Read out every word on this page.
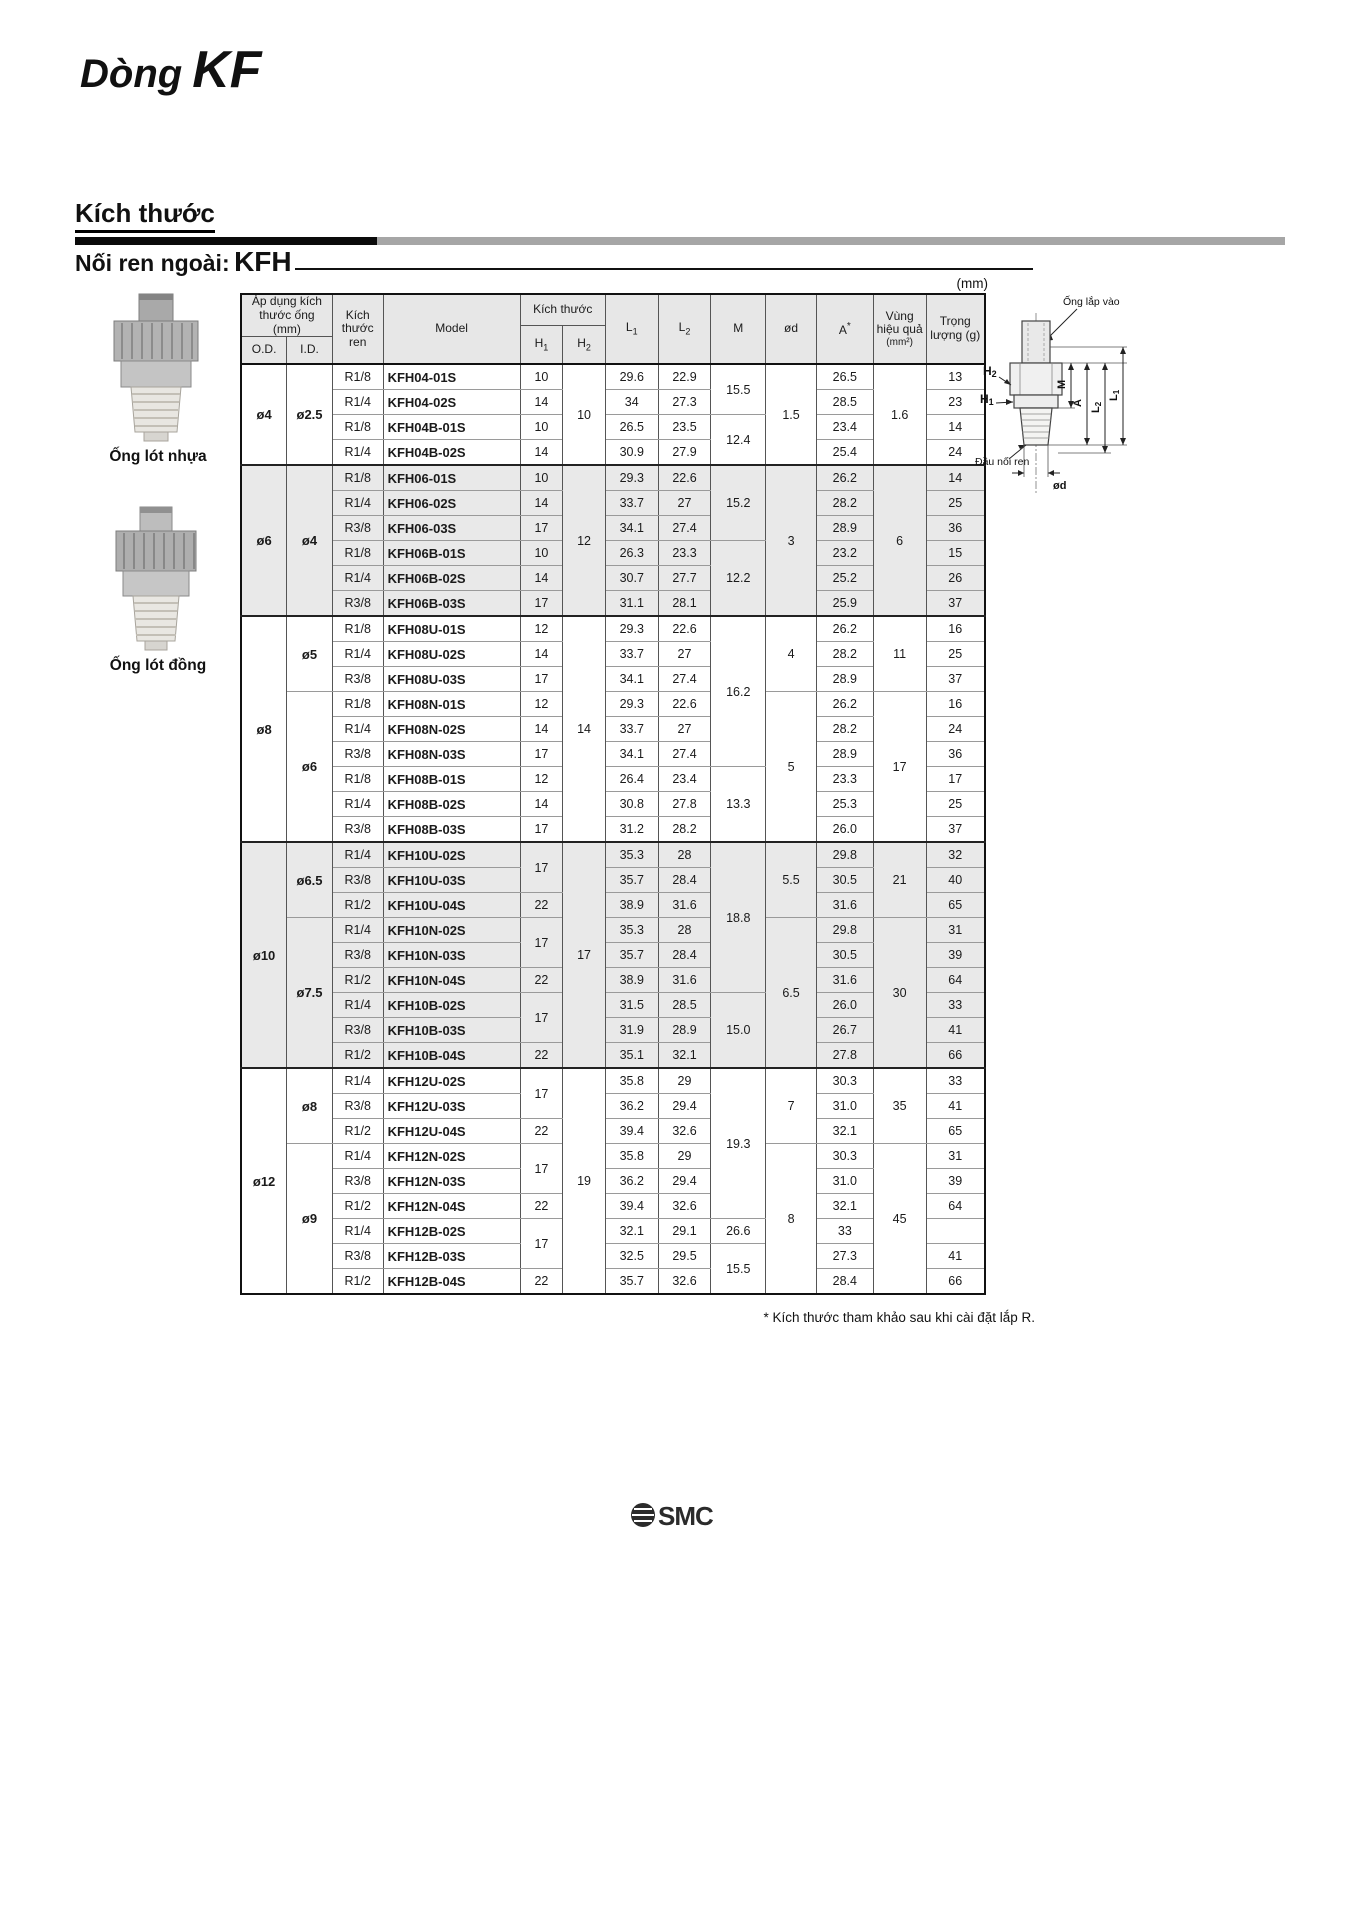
Dòng KF
Kích thước
Nối ren ngoài: KFH
(mm)
Ống lót nhựa
Ống lót đồng
Áp dụng kích thước ống (mm)		Kích thước ren	Model	Kích thước		$L_1$	$L_2$	M	ød	A*	Vùng hiệu quả
(mm²)	Trọng lượng (g)
				$H_1$	$H_2$
O.D.	I.D.											
ø4	ø2.5	R1/8	KFH04-01S	10	10	29.6	22.9	15.5	1.5	26.5	1.6	13
		R1/4	KFH04-02S	14		34	27.3			28.5		23
		R1/8	KFH04B-01S	10		26.5	23.5	12.4		23.4		14
		R1/4	KFH04B-02S	14		30.9	27.9			25.4		24
ø6	ø4	R1/8	KFH06-01S	10	12	29.3	22.6	15.2	3	26.2	6	14
		R1/4	KFH06-02S	14		33.7	27			28.2		25
		R3/8	KFH06-03S	17		34.1	27.4			28.9		36
		R1/8	KFH06B-01S	10		26.3	23.3	12.2		23.2		15
		R1/4	KFH06B-02S	14		30.7	27.7			25.2		26
		R3/8	KFH06B-03S	17		31.1	28.1			25.9		37
ø8	ø5	R1/8	KFH08U-01S	12	14	29.3	22.6	16.2	4	26.2	11	16
		R1/4	KFH08U-02S	14		33.7	27			28.2		25
		R3/8	KFH08U-03S	17		34.1	27.4			28.9		37
	ø6	R1/8	KFH08N-01S	12		29.3	22.6		5	26.2	17	16
		R1/4	KFH08N-02S	14		33.7	27			28.2		24
		R3/8	KFH08N-03S	17		34.1	27.4			28.9		36
		R1/8	KFH08B-01S	12		26.4	23.4	13.3		23.3		17
		R1/4	KFH08B-02S	14		30.8	27.8			25.3		25
		R3/8	KFH08B-03S	17		31.2	28.2			26.0		37
ø10	ø6.5	R1/4	KFH10U-02S	17	17	35.3	28	18.8	5.5	29.8	21	32
		R3/8	KFH10U-03S			35.7	28.4			30.5		40
		R1/2	KFH10U-04S	22		38.9	31.6			31.6		65
	ø7.5	R1/4	KFH10N-02S	17		35.3	28		6.5	29.8	30	31
		R3/8	KFH10N-03S			35.7	28.4			30.5		39
		R1/2	KFH10N-04S	22		38.9	31.6			31.6		64
		R1/4	KFH10B-02S	17		31.5	28.5	15.0		26.0		33
		R3/8	KFH10B-03S			31.9	28.9			26.7		41
		R1/2	KFH10B-04S	22		35.1	32.1			27.8		66
ø12	ø8	R1/4	KFH12U-02S	17	19	35.8	29	19.3	7	30.3	35	33
		R3/8	KFH12U-03S			36.2	29.4			31.0		41
		R1/2	KFH12U-04S	22		39.4	32.6			32.1		65
	ø9	R1/4	KFH12N-02S	17		35.8	29		8	30.3	45	31
		R3/8	KFH12N-03S			36.2	29.4			31.0		39
		R1/2	KFH12N-04S	22		39.4	32.6			32.1		64
		R1/4	KFH12B-02S	17		32.1	29.1	26.6		33		
		R3/8	KFH12B-03S			32.5	29.5	15.5		27.3		41
		R1/2	KFH12B-04S	22		35.7	32.6			28.4		66
* Kích thước tham khảo sau khi cài đặt lắp R.
Ống lắp vào
H2
H1
Đầu nối ren
ød
M
A
L2
L1
SMC
